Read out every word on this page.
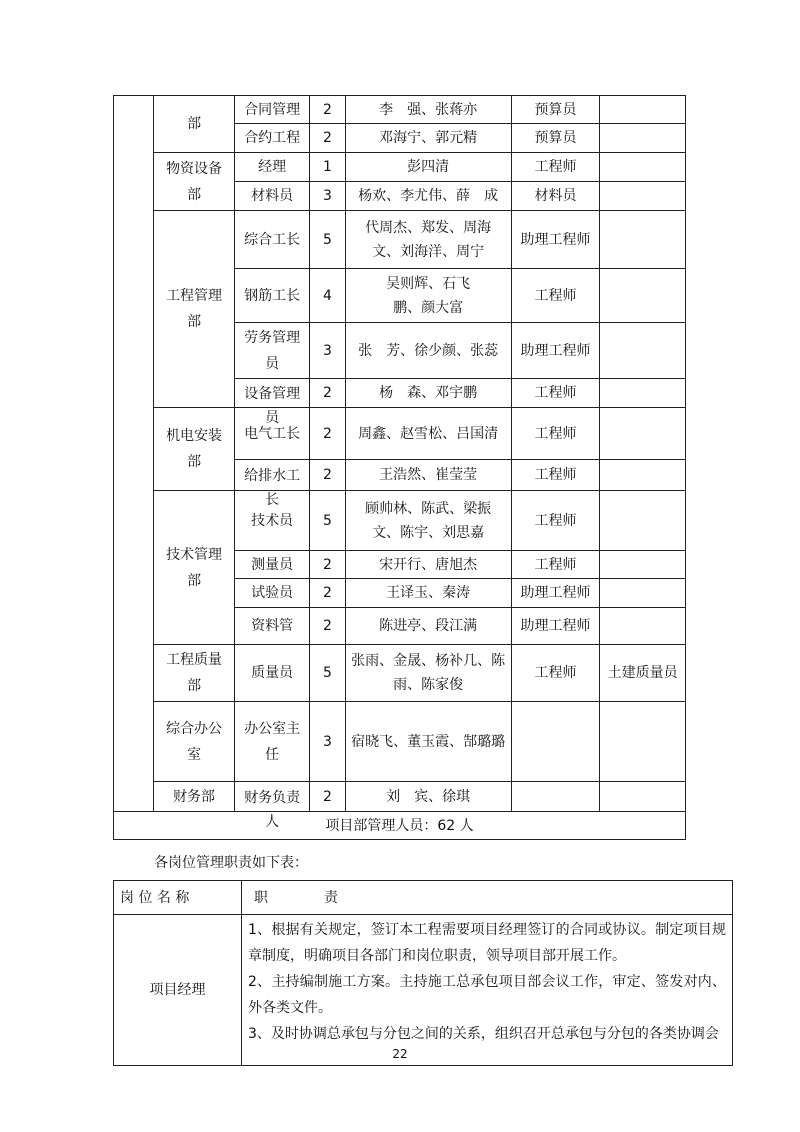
	部	合同管理	2	李　强、张蒋亦	预算员	
		合约工程	2	邓海宁、郭元精	预算员	

	物资设备部	经理	1	彭四清	工程师	
		材料员	3	杨欢、李尤伟、薛　成	材料员	

	工程管理部	综合工长	5	代周杰、郑发、周海文、刘海洋、周宁	助理工程师	
		钢筋工长	4	吴则辉、石飞鹏、颜大富	工程师	

		劳务管理员	3	张　芳、徐少颜、张蕊	助理工程师	

		设备管理员	2	杨　森、邓宇鹏	工程师	

	机电安装部	电气工长	2	周鑫、赵雪松、吕国清	工程师	

		给排水工长	2	王浩然、崔莹莹	工程师	

	技术管理部	技术员	5	顾帅林、陈武、梁振文、陈宇、刘思嘉	工程师	
		测量员	2	宋开行、唐旭杰	工程师	
		试验员	2	王译玉、秦涛	助理工程师	
		资料管	2	陈进亭、段江满	助理工程师	

	工程质量部	质量员	5	张雨、金晟、杨补几、陈雨、陈家俊	工程师	土建质量员

	综合办公室	办公室主任	3	宿晓飞、董玉霞、郜璐璐		
	财务部	财务负责人	2	刘　宾、徐琪		
项目部管理人员：62 人						
各岗位管理职责如下表：
岗 位 名 称	职　　　　责
项目经理	1、根据有关规定，签订本工程需要项目经理签订的合同或协议。制定项目规章制度，明确项目各部门和岗位职责，领导项目部开展工作。
2、主持编制施工方案。主持施工总承包项目部会议工作，审定、签发对内、外各类文件。
3、及时协调总承包与分包之间的关系，组织召开总承包与分包的各类协调会
22
